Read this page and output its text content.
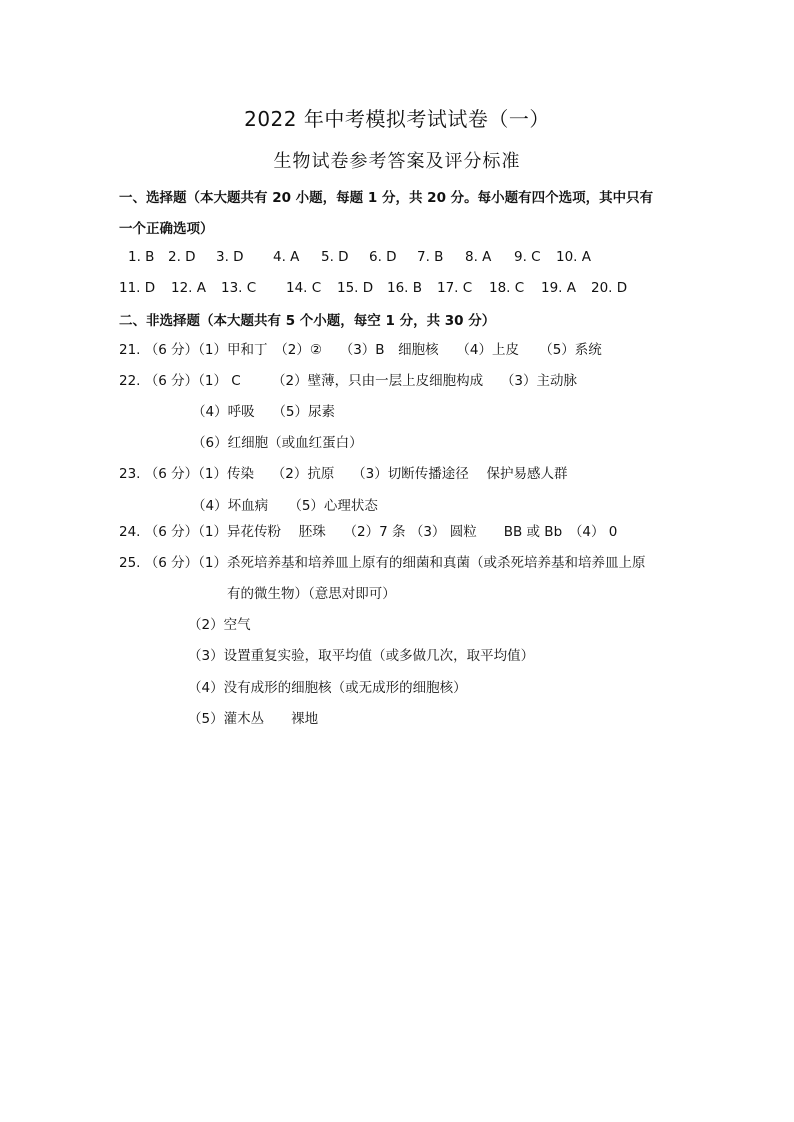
2022 年中考模拟考试试卷（一）
生物试卷参考答案及评分标准
一、选择题（本大题共有 20 小题，每题 1 分，共 20 分。每小题有四个选项，其中只有
一个正确选项）
1. B 2. D 3. D 4. A 5. D 6. D 7. B 8. A 9. C 10. A
11. D 12. A 13. C 14. C 15. D 16. B 17. C 18. C 19. A 20. D
二、非选择题（本大题共有 5 个小题，每空 1 分，共 30 分）
21. （6 分）（1）甲和丁　（2）②　 （3）B　细胞核　 （4）上皮　　（5）系统
22. （6 分）（1） C　　 （2）壁薄，只由一层上皮细胞构成　 （3）主动脉
（4）呼吸　 （5）尿素
（6）红细胞（或血红蛋白）
23. （6 分）（1）传染　 （2）抗原　 （3）切断传播途径　 保护易感人群
（4）坏血病　　（5）心理状态
24. （6 分）（1）异花传粉　 胚珠　 （2）7 条 （3） 圆粒　　BB 或 Bb　（4） 0
25. （6 分）（1）杀死培养基和培养皿上原有的细菌和真菌（或杀死培养基和培养皿上原
有的微生物）（意思对即可）
（2）空气
（3）设置重复实验，取平均值（或多做几次，取平均值）
（4）没有成形的细胞核（或无成形的细胞核）
（5）灌木丛　　裸地
